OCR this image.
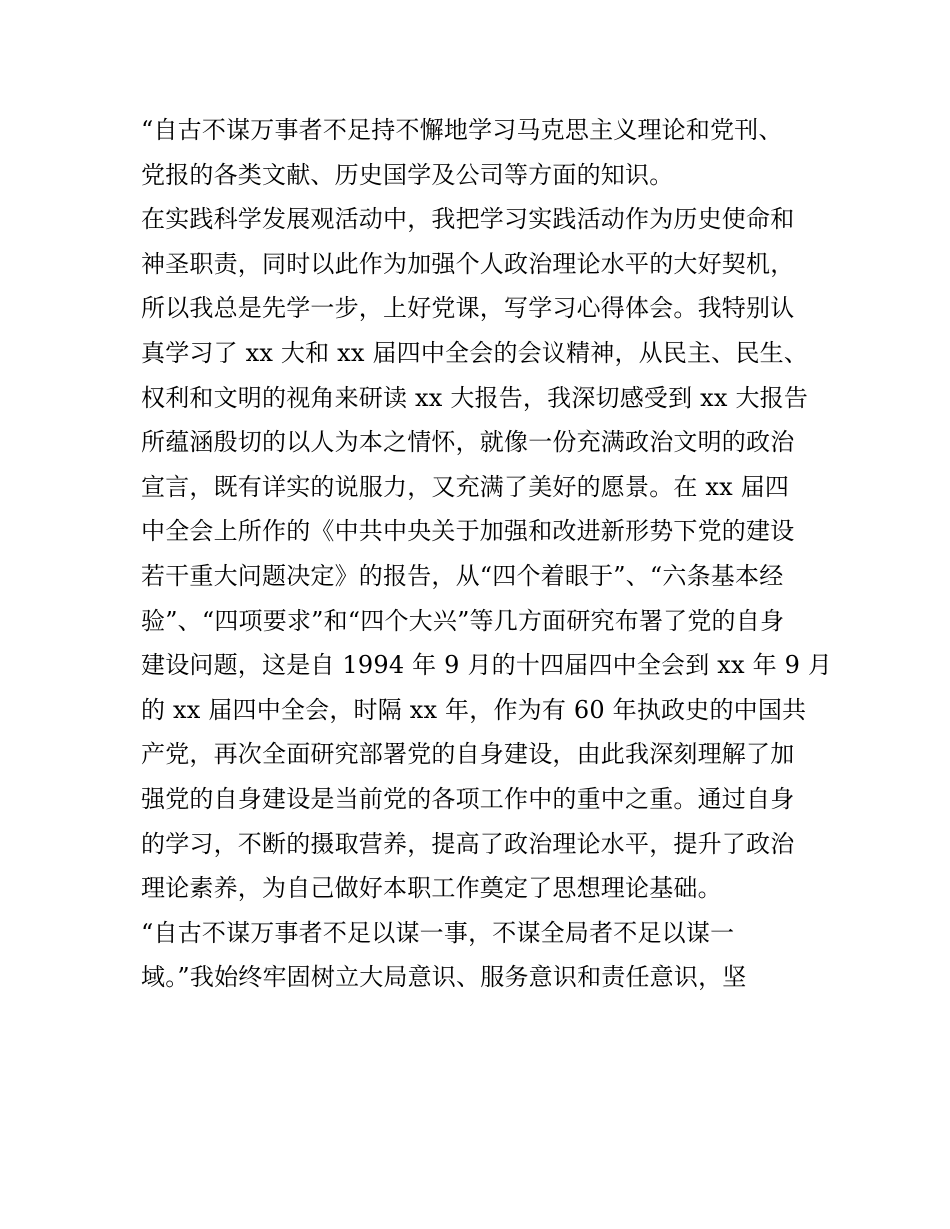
“自古不谋万事者不足持不懈地学习马克思主义理论和党刊、
党报的各类文献、历史国学及公司等方面的知识。
在实践科学发展观活动中，我把学习实践活动作为历史使命和
神圣职责，同时以此作为加强个人政治理论水平的大好契机，
所以我总是先学一步，上好党课，写学习心得体会。我特别认
真学习了 xx 大和 xx 届四中全会的会议精神，从民主、民生、
权利和文明的视角来研读 xx 大报告，我深切感受到 xx 大报告
所蕴涵殷切的以人为本之情怀，就像一份充满政治文明的政治
宣言，既有详实的说服力，又充满了美好的愿景。在 xx 届四
中全会上所作的《中共中央关于加强和改进新形势下党的建设
若干重大问题决定》的报告，从“四个着眼于”、“六条基本经
验”、“四项要求”和“四个大兴”等几方面研究布署了党的自身
建设问题，这是自 1994 年 9 月的十四届四中全会到 xx 年 9 月
的 xx 届四中全会，时隔 xx 年，作为有 60 年执政史的中国共
产党，再次全面研究部署党的自身建设，由此我深刻理解了加
强党的自身建设是当前党的各项工作中的重中之重。通过自身
的学习，不断的摄取营养，提高了政治理论水平，提升了政治
理论素养，为自己做好本职工作奠定了思想理论基础。
“自古不谋万事者不足以谋一事，不谋全局者不足以谋一
域。”我始终牢固树立大局意识、服务意识和责任意识，坚
